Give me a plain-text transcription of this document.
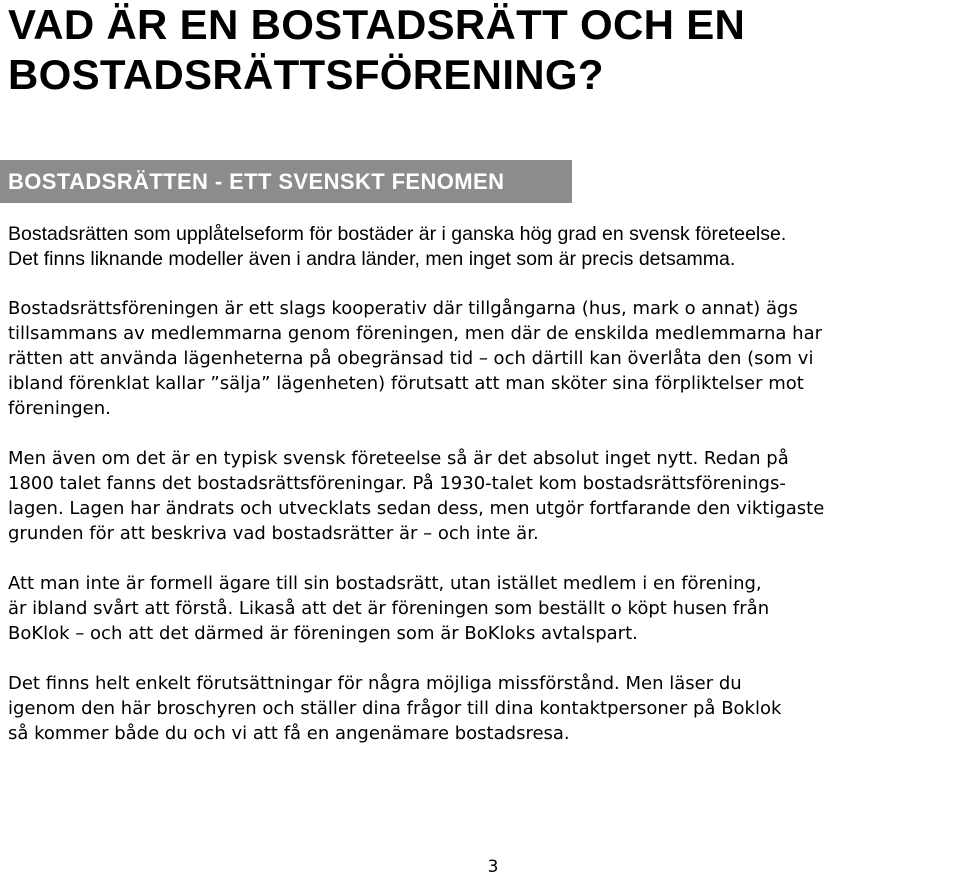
VAD ÄR EN BOSTADSRÄTT OCH EN
BOSTADSRÄTTSFÖRENING?
BOSTADSRÄTTEN - ETT SVENSKT FENOMEN
Bostadsrätten som upplåtelseform för bostäder är i ganska hög grad en svensk företeelse.
Det finns liknande modeller även i andra länder, men inget som är precis detsamma.

Bostadsrättsföreningen är ett slags kooperativ där tillgångarna (hus, mark o annat) ägs
tillsammans av medlemmarna genom föreningen, men där de enskilda medlemmarna har
rätten att använda lägenheterna på obegränsad tid – och därtill kan överlåta den (som vi
ibland förenklat kallar ”sälja” lägenheten) förutsatt att man sköter sina förpliktelser mot
föreningen.

Men även om det är en typisk svensk företeelse så är det absolut inget nytt. Redan på
1800 talet fanns det bostadsrättsföreningar. På 1930-talet kom bostadsrättsförenings-
lagen. Lagen har ändrats och utvecklats sedan dess, men utgör fortfarande den viktigaste
grunden för att beskriva vad bostadsrätter är – och inte är.

Att man inte är formell ägare till sin bostadsrätt, utan istället medlem i en förening,
är ibland svårt att förstå. Likaså att det är föreningen som beställt o köpt husen från
BoKlok – och att det därmed är föreningen som är BoKloks avtalspart.

Det finns helt enkelt förutsättningar för några möjliga missförstånd. Men läser du
igenom den här broschyren och ställer dina frågor till dina kontaktpersoner på Boklok
så kommer både du och vi att få en angenämare bostadsresa.

3
